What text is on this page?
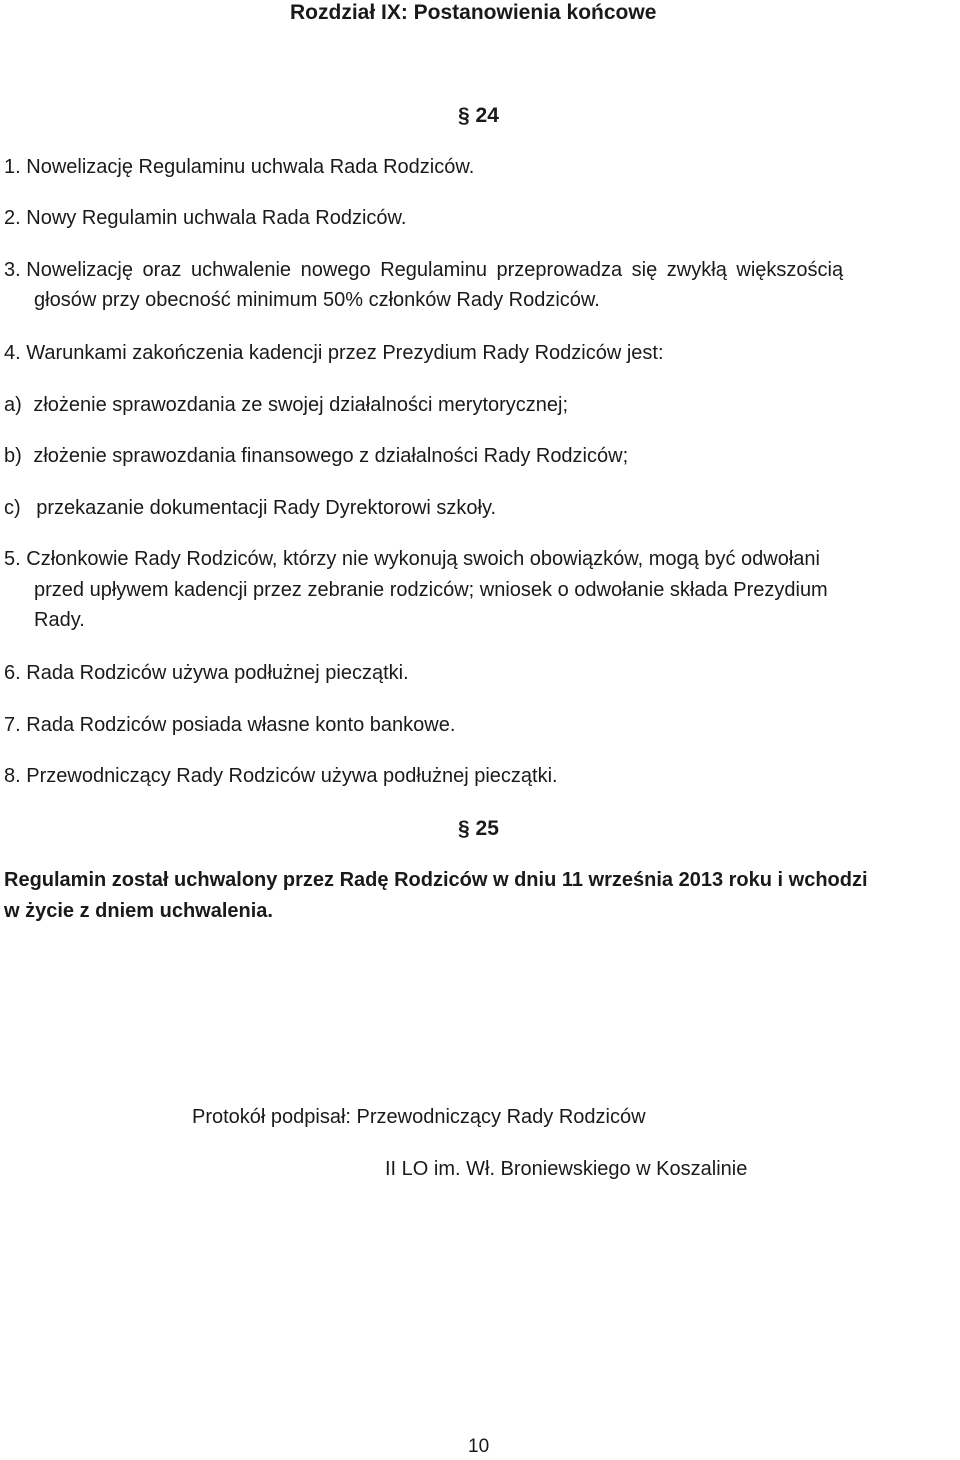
Rozdział IX: Postanowienia końcowe
§ 24
1. Nowelizację Regulaminu uchwala Rada Rodziców.
2. Nowy Regulamin uchwala Rada Rodziców.
3. Nowelizację oraz uchwalenie nowego Regulaminu przeprowadza się zwykłą większością
głosów przy obecność minimum 50% członków Rady Rodziców.
4. Warunkami zakończenia kadencji przez Prezydium Rady Rodziców jest:
a) złożenie sprawozdania ze swojej działalności merytorycznej;
b) złożenie sprawozdania finansowego z działalności Rady Rodziców;
c) przekazanie dokumentacji Rady Dyrektorowi szkoły.
5. Członkowie Rady Rodziców, którzy nie wykonują swoich obowiązków, mogą być odwołani
przed upływem kadencji przez zebranie rodziców; wniosek o odwołanie składa Prezydium
Rady.
6. Rada Rodziców używa podłużnej pieczątki.
7. Rada Rodziców posiada własne konto bankowe.
8. Przewodniczący Rady Rodziców używa podłużnej pieczątki.
§ 25
Regulamin został uchwalony przez Radę Rodziców w dniu 11 września 2013 roku i wchodzi
w życie z dniem uchwalenia.
Protokół podpisał: Przewodniczący Rady Rodziców
II LO im. Wł. Broniewskiego w Koszalinie
10
